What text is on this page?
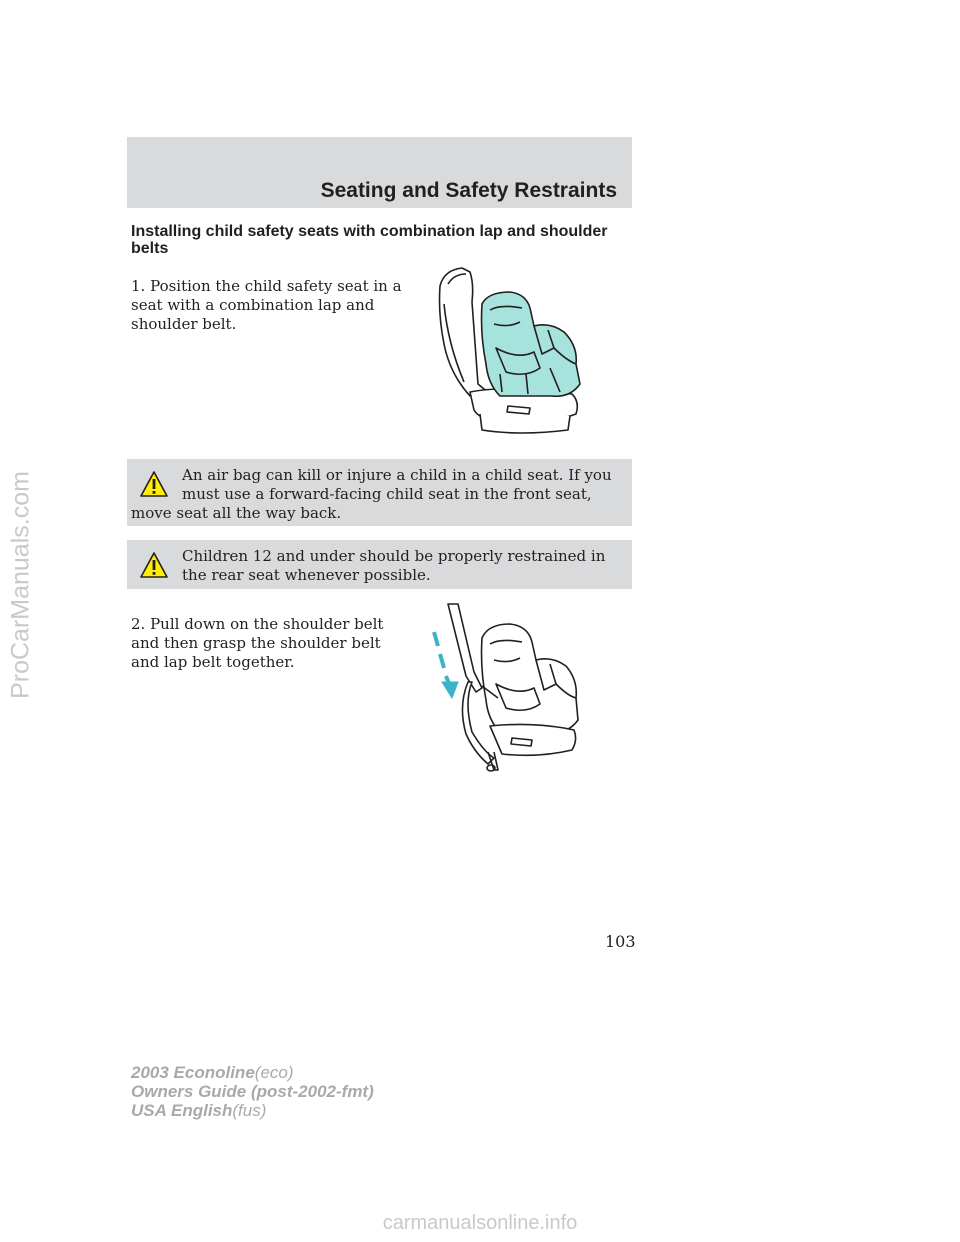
Seating and Safety Restraints
Installing child safety seats with combination lap and shoulder belts
1. Position the child safety seat in a seat with a combination lap and shoulder belt.
An air bag can kill or injure a child in a child seat. If you must use a forward-facing child seat in the front seat, move seat all the way back.
Children 12 and under should be properly restrained in the rear seat whenever possible.
2. Pull down on the shoulder belt and then grasp the shoulder belt and lap belt together.
103
2003 Econoline(eco)
Owners Guide (post-2002-fmt)
USA English(fus)
ProCarManuals.com
carmanualsonline.info
